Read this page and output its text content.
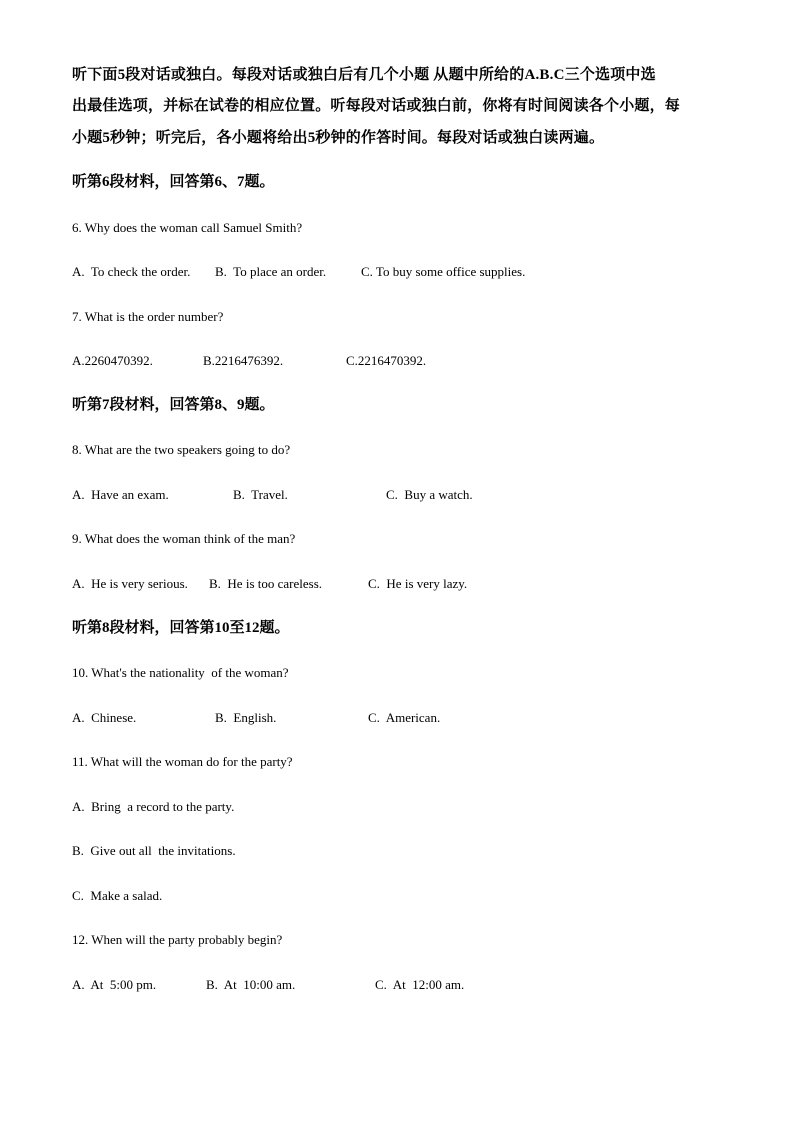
听下面5段对话或独白。每段对话或独白后有几个小题 从题中所给的A.B.C三个选项中选
出最佳选项，并标在试卷的相应位置。听每段对话或独白前，你将有时间阅读各个小题，每
小题5秒钟；听完后，各小题将给出5秒钟的作答时间。每段对话或独白读两遍。
听第6段材料，回答第6、7题。
6. Why does the woman call Samuel Smith?
A.  To check the order. B.  To place an order.	C. To buy some office supplies.
7. What is the order number?
A.2260470392.	B.2216476392.	C.2216470392.
听第7段材料，回答第8、9题。
8. What are the two speakers going to do?
A.  Have an exam.	B.  Travel.	C.  Buy a watch.
9. What does the woman think of the man?
A.  He is very serious. B.  He is too careless.	C.  He is very lazy.
听第8段材料，回答第10至12题。
10. What's the nationality  of the woman?
A.  Chinese.	B.  English.	C.  American.
11. What will the woman do for the party?
A.  Bring  a record to the party.
B.  Give out all  the invitations.
C.  Make a salad.
12. When will the party probably begin?
A.  At  5:00 pm.	B.  At  10:00 am.	C.  At  12:00 am.
